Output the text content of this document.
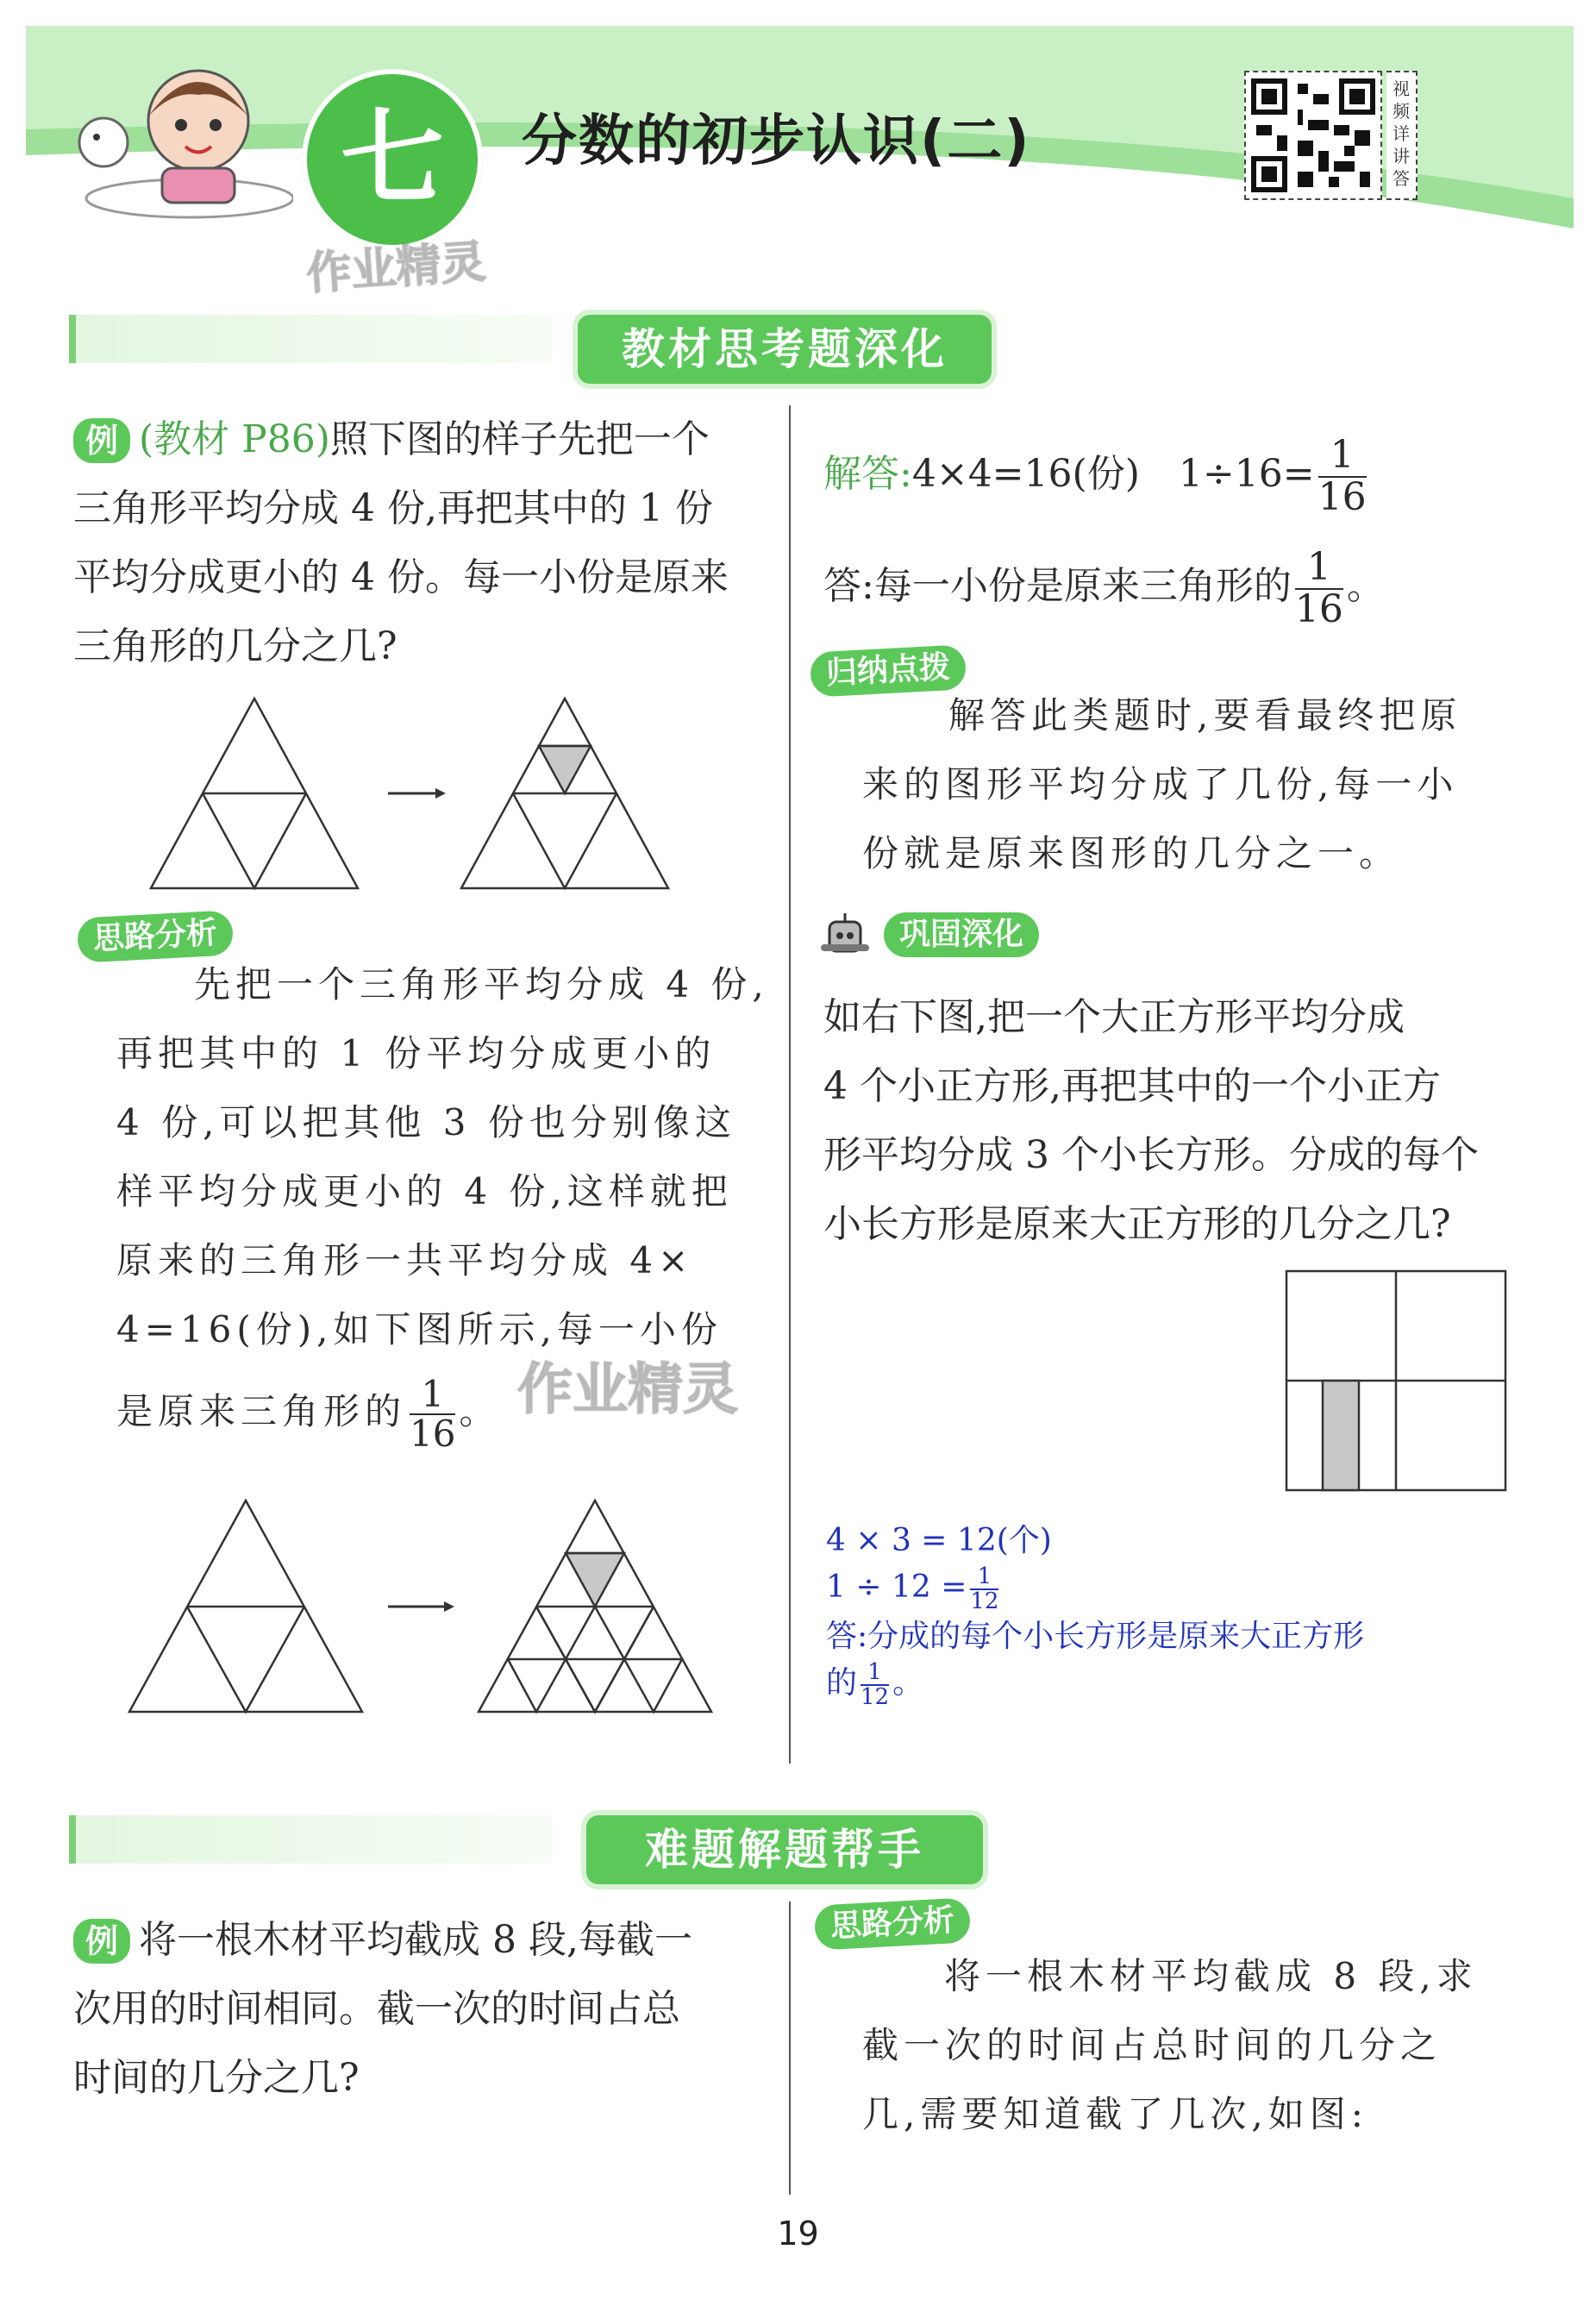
七	分数的初步认识(二)
视
频
详
讲
答
作业精灵
教材思考题深化
例 (教材 P86)照下图的样子先把一个
三角形平均分成 4 份,再把其中的 1 份
平均分成更小的 4 份。每一小份是原来
三角形的几分之几?
思路分析
先把一个三角形平均分成 4 份,
再把其中的 1 份平均分成更小的
4 份,可以把其他 3 份也分别像这
样平均分成更小的 4 份,这样就把
原来的三角形一共平均分成 4×
4=16(份),如下图所示,每一小份
是原来三角形的 $\frac{1}{16}$ 。 作业精灵
解答:4×4=16(份) $1\div 16= \frac{1}{16}$
答:每一小份是原来三角形的 $\frac{1}{16}$ 。
归纳点拨
解答此类题时,要看最终把原
来的图形平均分成了几份,每一小
份就是原来图形的几分之一。
巩固深化
如右下图,把一个大正方形平均分成
4 个小正方形,再把其中的一个小正方
形平均分成 3 个小长方形。分成的每个
小长方形是原来大正方形的几分之几?
4 × 3 = 12(个)
$1 \div 12 = \frac{1}{12}$
答:分成的每个小长方形是原来大正方形
的 $\frac{1}{12}$ 。
难题解题帮手
例 将一根木材平均截成 8 段,每截一
次用的时间相同。截一次的时间占总
时间的几分之几?
思路分析
将一根木材平均截成 8 段,求
截一次的时间占总时间的几分之
几,需要知道截了几次,如图:
19
